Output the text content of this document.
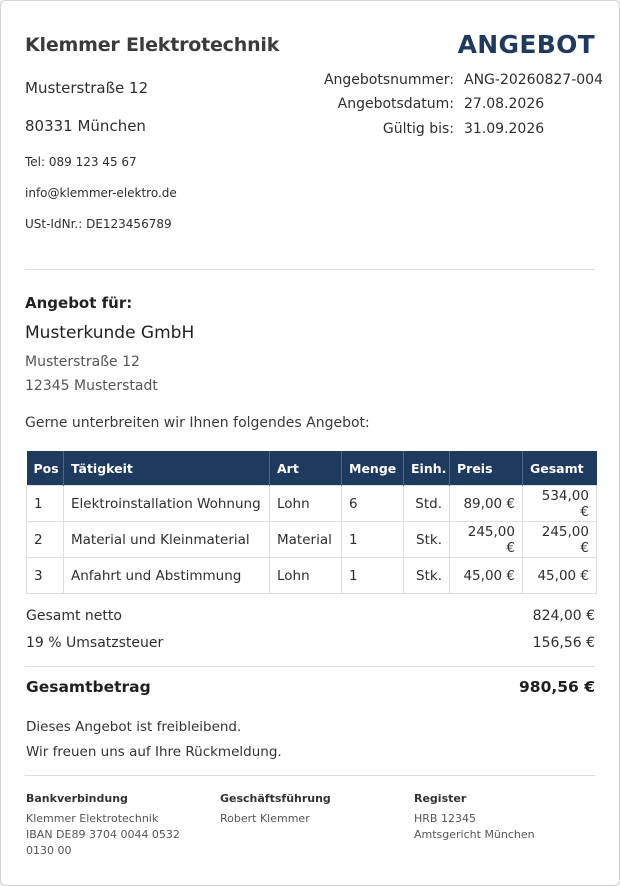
Klemmer Elektrotechnik
Musterstraße 12
80331 München
Tel: 089 123 45 67
info@klemmer-elektro.de
USt-IdNr.: DE123456789
ANGEBOT
Angebotsnummer: ANG-20260827-004
Angebotsdatum: 27.08.2026
Gültig bis: 31.09.2026
Angebot für:
Musterkunde GmbH
Musterstraße 12
12345 Musterstadt
Gerne unterbreiten wir Ihnen folgendes Angebot:
Pos	Tätigkeit	Art	Menge	Einh.	Preis	Gesamt
1	Elektroinstallation Wohnung	Lohn	6	Std.	89,00 €	534,00 €
2	Material und Kleinmaterial	Material	1	Stk.	245,00 €	245,00 €
3	Anfahrt und Abstimmung	Lohn	1	Stk.	45,00 €	45,00 €
Gesamt netto	824,00 €
19 % Umsatzsteuer	156,56 €
Gesamtbetrag	980,56 €
Dieses Angebot ist freibleibend.
Wir freuen uns auf Ihre Rückmeldung.
Bankverbindung
Klemmer Elektrotechnik
IBAN DE89 3704 0044 0532 0130 00
Geschäftsführung
Robert Klemmer
Register
HRB 12345
Amtsgericht München
